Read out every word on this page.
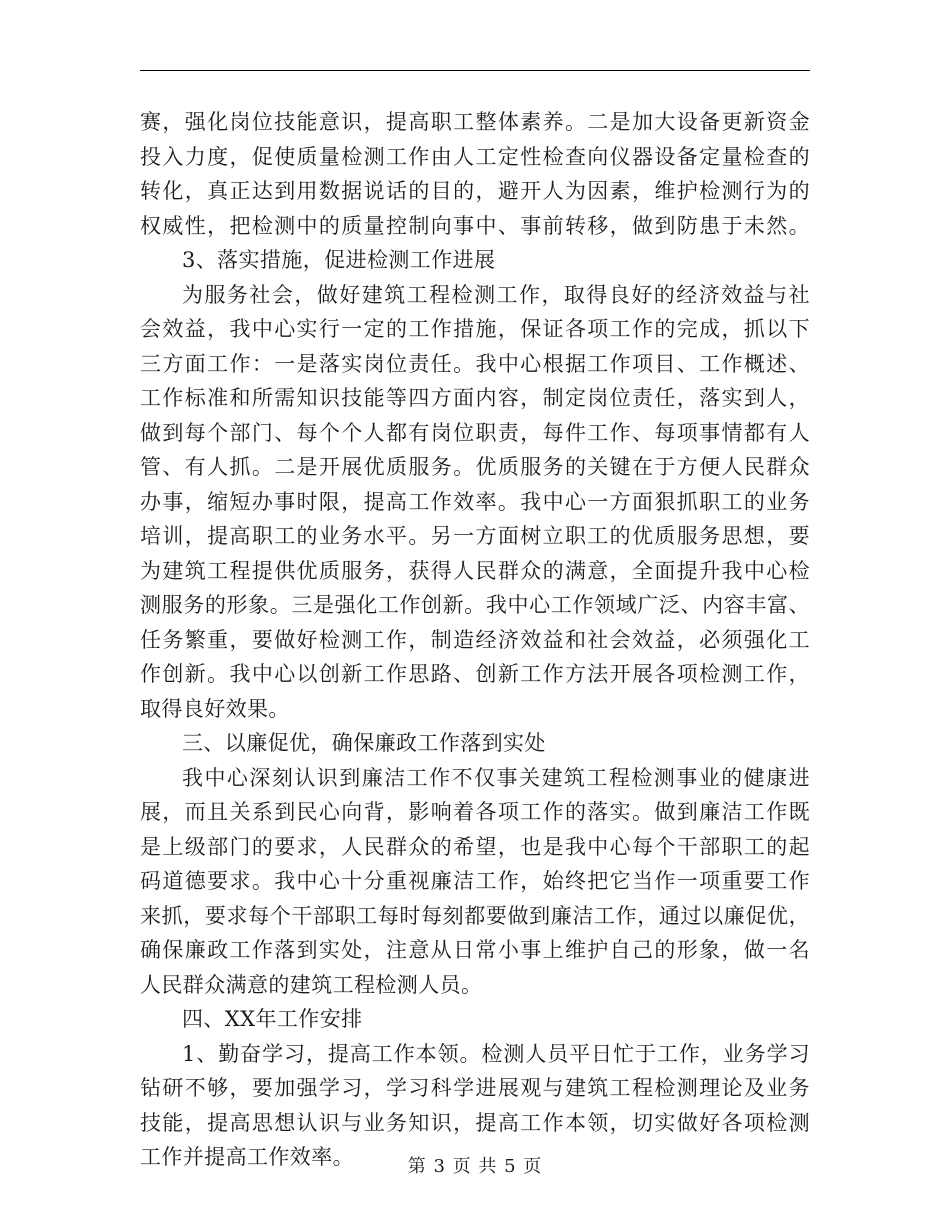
赛，强化岗位技能意识，提高职工整体素养。二是加大设备更新资金
投入力度，促使质量检测工作由人工定性检查向仪器设备定量检查的
转化，真正达到用数据说话的目的，避开人为因素，维护检测行为的
权威性，把检测中的质量控制向事中、事前转移，做到防患于未然。
3、落实措施，促进检测工作进展
为服务社会，做好建筑工程检测工作，取得良好的经济效益与社
会效益，我中心实行一定的工作措施，保证各项工作的完成，抓以下
三方面工作：一是落实岗位责任。我中心根据工作项目、工作概述、
工作标准和所需知识技能等四方面内容，制定岗位责任，落实到人，
做到每个部门、每个个人都有岗位职责，每件工作、每项事情都有人
管、有人抓。二是开展优质服务。优质服务的关键在于方便人民群众
办事，缩短办事时限，提高工作效率。我中心一方面狠抓职工的业务
培训，提高职工的业务水平。另一方面树立职工的优质服务思想，要
为建筑工程提供优质服务，获得人民群众的满意，全面提升我中心检
测服务的形象。三是强化工作创新。我中心工作领域广泛、内容丰富、
任务繁重，要做好检测工作，制造经济效益和社会效益，必须强化工
作创新。我中心以创新工作思路、创新工作方法开展各项检测工作，
取得良好效果。
三、以廉促优，确保廉政工作落到实处
我中心深刻认识到廉洁工作不仅事关建筑工程检测事业的健康进
展，而且关系到民心向背，影响着各项工作的落实。做到廉洁工作既
是上级部门的要求，人民群众的希望，也是我中心每个干部职工的起
码道德要求。我中心十分重视廉洁工作，始终把它当作一项重要工作
来抓，要求每个干部职工每时每刻都要做到廉洁工作，通过以廉促优，
确保廉政工作落到实处，注意从日常小事上维护自己的形象，做一名
人民群众满意的建筑工程检测人员。
四、XX年工作安排
1、勤奋学习，提高工作本领。检测人员平日忙于工作，业务学习
钻研不够，要加强学习，学习科学进展观与建筑工程检测理论及业务
技能，提高思想认识与业务知识，提高工作本领，切实做好各项检测
工作并提高工作效率。	第 3 页 共 5 页
